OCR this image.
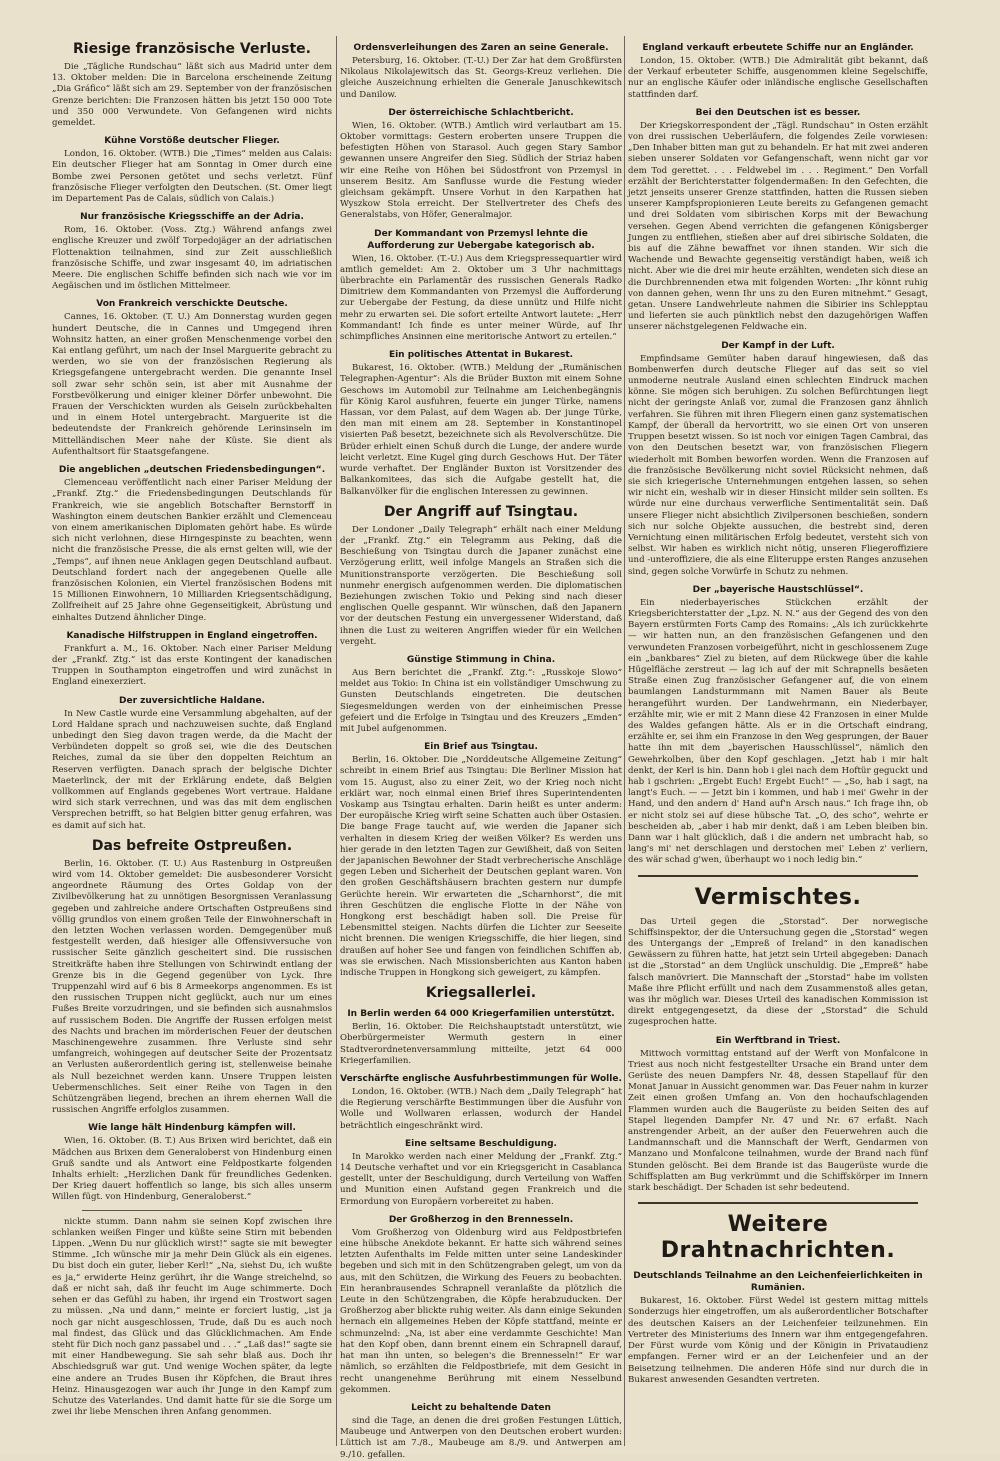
Riesige französische Verluste.

Die „Tägliche Rundschau“ läßt sich aus Madrid unter dem 13. Oktober melden: Die in Barcelona erscheinende Zeitung „Dia Gráfico“ läßt sich am 29. September von der französischen Grenze berichten: Die Franzosen hätten bis jetzt 150 000 Tote und 350 000 Verwundete. Von Gefangenen wird nichts gemeldet.

Kühne Vorstöße deutscher Flieger.

London, 16. Oktober. (WTB.) Die „Times“ melden aus Calais: Ein deutscher Flieger hat am Sonntag in Omer durch eine Bombe zwei Personen getötet und sechs verletzt. Fünf französische Flieger verfolgten den Deutschen. (St. Omer liegt im Departement Pas de Calais, südlich von Calais.)

Nur französische Kriegsschiffe an der Adria.

Rom, 16. Oktober. (Voss. Ztg.) Während anfangs zwei englische Kreuzer und zwölf Torpedojäger an der adriatischen Flottenaktion teilnahmen, sind zur Zeit ausschließlich französische Schiffe, und zwar insgesamt 40, im adriatischen Meere. Die englischen Schiffe befinden sich nach wie vor im Aegäischen und im östlichen Mittelmeer.

Von Frankreich verschickte Deutsche.

Cannes, 16. Oktober. (T. U.) Am Donnerstag wurden gegen hundert Deutsche, die in Cannes und Umgegend ihren Wohnsitz hatten, an einer großen Menschenmenge vorbei den Kai entlang geführt, um nach der Insel Marguerite gebracht zu werden, wo sie von der französischen Regierung als Kriegsgefangene untergebracht werden. Die genannte Insel soll zwar sehr schön sein, ist aber mit Ausnahme der Forstbevölkerung und einiger kleiner Dörfer unbewohnt. Die Frauen der Verschickten wurden als Geiseln zurückbehalten und in einem Hotel untergebracht. Marguerite ist die bedeutendste der Frankreich gehörende Lerinsinseln im Mittelländischen Meer nahe der Küste. Sie dient als Aufenthaltsort für Staatsgefangene.

Die angeblichen „deutschen Friedensbedingungen“.

Clemenceau veröffentlicht nach einer Pariser Meldung der „Frankf. Ztg.“ die Friedensbedingungen Deutschlands für Frankreich, wie sie angeblich Botschafter Bernstorff in Washington einem deutschen Bankier erzählt und Clemenceau von einem amerikanischen Diplomaten gehört habe. Es würde sich nicht verlohnen, diese Hirngespinste zu beachten, wenn nicht die französische Presse, die als ernst gelten will, wie der „Temps“, auf ihnen neue Anklagen gegen Deutschland aufbaut. Deutschland fordert nach der angegebenen Quelle alle französischen Kolonien, ein Viertel französischen Bodens mit 15 Millionen Einwohnern, 10 Milliarden Kriegsentschädigung, Zollfreiheit auf 25 Jahre ohne Gegenseitigkeit, Abrüstung und einhaltes Dutzend ähnlicher Dinge.

Kanadische Hilfstruppen in England eingetroffen.

Frankfurt a. M., 16. Oktober. Nach einer Pariser Meldung der „Frankf. Ztg.“ ist das erste Kontingent der kanadischen Truppen in Southampton eingetroffen und wird zunächst in England einexerziert.

Der zuversichtliche Haldane.

In New Castle wurde eine Versammlung abgehalten, auf der Lord Haldane sprach und nachzuweisen suchte, daß England unbedingt den Sieg davon tragen werde, da die Macht der Verbündeten doppelt so groß sei, wie die des Deutschen Reiches, zumal da sie über den doppelten Reichtum an Reserven verfügten. Danach sprach der belgische Dichter Maeterlinck, der mit der Erklärung endete, daß Belgien vollkommen auf Englands gegebenes Wort vertraue. Haldane wird sich stark verrechnen, und was das mit dem englischen Versprechen betrifft, so hat Belgien bitter genug erfahren, was es damit auf sich hat.

Das befreite Ostpreußen.

Berlin, 16. Oktober. (T. U.) Aus Rastenburg in Ostpreußen wird vom 14. Oktober gemeldet: Die ausbesonderer Vorsicht angeordnete Räumung des Ortes Goldap von der Zivilbevölkerung hat zu unnötigen Besorgnissen Veranlassung gegeben und zahlreiche andere Ortschaften Ostpreußens sind völlig grundlos von einem großen Teile der Einwohnerschaft in den letzten Wochen verlassen worden. Demgegenüber muß festgestellt werden, daß hiesiger alle Offensivversuche von russischer Seite gänzlich gescheitert sind. Die russischen Streitkräfte haben ihre Stellungen von Schirwindt entlang der Grenze bis in die Gegend gegenüber von Lyck. Ihre Truppenzahl wird auf 6 bis 8 Armeekorps angenommen. Es ist den russischen Truppen nicht geglückt, auch nur um eines Fußes Breite vorzudringen, und sie befinden sich ausnahmslos auf russischem Boden. Die Angriffe der Russen erfolgen meist des Nachts und brachen im mörderischen Feuer der deutschen Maschinengewehre zusammen. Ihre Verluste sind sehr umfangreich, wohingegen auf deutscher Seite der Prozentsatz an Verlusten außerordentlich gering ist, stellenweise beinahe als Null bezeichnet werden kann. Unsere Truppen leisten Uebermenschliches. Seit einer Reihe von Tagen in den Schützengräben liegend, brechen an ihrem ehernen Wall die russischen Angriffe erfolglos zusammen.

Wie lange hält Hindenburg kämpfen will.

Wien, 16. Oktober. (B. T.) Aus Brixen wird berichtet, daß ein Mädchen aus Brixen dem Generaloberst von Hindenburg einen Gruß sandte und als Antwort eine Feldpostkarte folgenden Inhalts erhielt: „Herzlichen Dank für freundliches Gedenken. Der Krieg dauert hoffentlich so lange, bis sich alles unserm Willen fügt. von Hindenburg, Generaloberst.“

nickte stumm. Dann nahm sie seinen Kopf zwischen ihre schlanken weißen Finger und küßte seine Stirn mit bebenden Lippen. „Wenn Du nur glücklich wirst!“ sagte sie mit bewegter Stimme. „Ich wünsche mir ja mehr Dein Glück als ein eigenes. Du bist doch ein guter, lieber Kerl!“ „Na, siehst Du, ich wußte es ja,“ erwiderte Heinz gerührt, ihr die Wange streichelnd, so daß er nicht sah, daß ihr feucht im Auge schimmerte. Doch sehen er das Gefühl zu haben, ihr irgend ein Trostwort sagen zu müssen. „Na und dann,“ meinte er forciert lustig, „ist ja noch gar nicht ausgeschlossen, Trude, daß Du es auch noch mal findest, das Glück und das Glücklichmachen. Am Ende steht für Dich noch ganz passabel und . . .“ „Laß das!“ sagte sie mit einer Handbewegung. Sie sah sehr blaß aus. Doch ihr Abschiedsgruß war gut. Und wenige Wochen später, da legte eine andere an Trudes Busen ihr Köpfchen, die Braut ihres Heinz. Hinausgezogen war auch ihr Junge in den Kampf zum Schutze des Vaterlandes. Und damit hatte für sie die Sorge um zwei ihr liebe Menschen ihren Anfang genommen.

Ordensverleihungen des Zaren an seine Generale.

Petersburg, 16. Oktober. (T.-U.) Der Zar hat dem Großfürsten Nikolaus Nikolajewitsch das St. Georgs-Kreuz verliehen. Die gleiche Auszeichnung erhielten die Generale Januschkewitsch und Danilow.

Der österreichische Schlachtbericht.

Wien, 16. Oktober. (WTB.) Amtlich wird verlautbart am 15. Oktober vormittags: Gestern eroberten unsere Truppen die befestigten Höhen von Starasol. Auch gegen Stary Sambor gewannen unsere Angreifer den Sieg. Südlich der Striaz haben wir eine Reihe von Höhen bei Südostfront von Przemysl in unserem Besitz. Am Sanflusse wurde die Festung wieder gleichsam gekämpft. Unsere Vorhut in den Karpathen hat Wyszkow Stola erreicht. Der Stellvertreter des Chefs des Generalstabs, von Höfer, Generalmajor.

Der Kommandant von Przemysl lehnte die Aufforderung zur Uebergabe kategorisch ab.

Wien, 16. Oktober. (T.-U.) Aus dem Kriegspressequartier wird amtlich gemeldet: Am 2. Oktober um 3 Uhr nachmittags überbrachte ein Parlamentär des russischen Generals Radko Dimitriew dem Kommandanten von Przemysl die Aufforderung zur Uebergabe der Festung, da diese unnütz und Hilfe nicht mehr zu erwarten sei. Die sofort erteilte Antwort lautete: „Herr Kommandant! Ich finde es unter meiner Würde, auf Ihr schimpfliches Ansinnen eine meritorische Antwort zu erteilen.“

Ein politisches Attentat in Bukarest.

Bukarest, 16. Oktober. (WTB.) Meldung der „Rumänischen Telegraphen-Agentur“: Als die Brüder Buxton mit einem Sohne Geschows im Automobil zur Teilnahme am Leichenbegängnis für König Karol ausfuhren, feuerte ein junger Türke, namens Hassan, vor dem Palast, auf dem Wagen ab. Der junge Türke, den man mit einem am 28. September in Konstantinopel visierten Paß besetzt, bezeichnete sich als Revolverschütze. Die Brüder erhielt einen Schuß durch die Lunge, der andere wurde leicht verletzt. Eine Kugel ging durch Geschows Hut. Der Täter wurde verhaftet. Der Engländer Buxton ist Vorsitzender des Balkankomitees, das sich die Aufgabe gestellt hat, die Balkanvölker für die englischen Interessen zu gewinnen.

Der Angriff auf Tsingtau.

Der Londoner „Daily Telegraph“ erhält nach einer Meldung der „Frankf. Ztg.“ ein Telegramm aus Peking, daß die Beschießung von Tsingtau durch die Japaner zunächst eine Verzögerung erlitt, weil infolge Mangels an Straßen sich die Munitionstransporte verzögerten. Die Beschießung soll nunmehr energisch aufgenommen werden. Die diplomatischen Beziehungen zwischen Tokio und Peking sind nach dieser englischen Quelle gespannt. Wir wünschen, daß den Japanern vor der deutschen Festung ein unvergessener Widerstand, daß ihnen die Lust zu weiteren Angriffen wieder für ein Weilchen vergeht.

Günstige Stimmung in China.

Aus Bern berichtet die „Frankf. Ztg.“: „Russkoje Slowo“ meldet aus Tokio: In China ist ein vollständiger Umschwung zu Gunsten Deutschlands eingetreten. Die deutschen Siegesmeldungen werden von der einheimischen Presse gefeiert und die Erfolge in Tsingtau und des Kreuzers „Emden“ mit Jubel aufgenommen.

Ein Brief aus Tsingtau.

Berlin, 16. Oktober. Die „Norddeutsche Allgemeine Zeitung“ schreibt in einem Brief aus Tsingtau: Die Berliner Mission hat vom 15. August, also zu einer Zeit, wo der Krieg noch nicht erklärt war, noch einmal einen Brief ihres Superintendenten Voskamp aus Tsingtau erhalten. Darin heißt es unter anderm: Der europäische Krieg wirft seine Schatten auch über Ostasien. Die bange Frage taucht auf, wie werden die Japaner sich verhalten in diesem Krieg der weißen Völker? Es werden uns hier gerade in den letzten Tagen zur Gewißheit, daß von Seiten der japanischen Bewohner der Stadt verbrecherische Anschläge gegen Leben und Sicherheit der Deutschen geplant waren. Von den großen Geschäftshäusern brachten gestern nur dumpfe Gerüchte herein. Wir erwarteten die „Scharnhorst“, die mit ihren Geschützen die englische Flotte in der Nähe von Hongkong erst beschädigt haben soll. Die Preise für Lebensmittel steigen. Nachts dürfen die Lichter zur Seeseite nicht brennen. Die wenigen Kriegsschiffe, die hier liegen, sind draußen auf hoher See und fangen von feindlichen Schiffen ab, was sie erwischen. Nach Missionsberichten aus Kanton haben indische Truppen in Hongkong sich geweigert, zu kämpfen.

Kriegsallerlei.
In Berlin werden 64 000 Kriegerfamilien unterstützt.

Berlin, 16. Oktober. Die Reichshauptstadt unterstützt, wie Oberbürgermeister Wermuth gestern in einer Stadtverordnetenversammlung mitteilte, jetzt 64 000 Kriegerfamilien.

Verschärfte englische Ausfuhrbestimmungen für Wolle.

London, 16. Oktober. (WTB.) Nach dem „Daily Telegraph“ hat die Regierung verschärfte Bestimmungen über die Ausfuhr von Wolle und Wollwaren erlassen, wodurch der Handel beträchtlich eingeschränkt wird.

Eine seltsame Beschuldigung.

In Marokko werden nach einer Meldung der „Frankf. Ztg.“ 14 Deutsche verhaftet und vor ein Kriegsgericht in Casablanca gestellt, unter der Beschuldigung, durch Verteilung von Waffen und Munition einen Aufstand gegen Frankreich und die Ermordung von Europäern vorbereitet zu haben.

Der Großherzog in den Brennesseln.

Vom Großherzog von Oldenburg wird aus Feldpostbriefen eine hübsche Anekdote bekannt. Er hatte sich während seines letzten Aufenthalts im Felde mitten unter seine Landeskinder begeben und sich mit in den Schützengraben gelegt, um von da aus, mit den Schützen, die Wirkung des Feuers zu beobachten. Ein heranbrausendes Schrapnell veranlaßte da plötzlich die Leute in den Schützengraben, die Köpfe herabzuducken. Der Großherzog aber blickte ruhig weiter. Als dann einige Sekunden hernach ein allgemeines Heben der Köpfe stattfand, meinte er schmunzelnd: „Na, ist aber eine verdammte Geschichte! Man hat den Kopf oben, dann brennt einem ein Schrapnell darauf, hat man ihn unten, so belegen's die Brennesseln!“ Er war nämlich, so erzählten die Feldpostbriefe, mit dem Gesicht in recht unangenehme Berührung mit einem Nesselbund gekommen.

Leicht zu behaltende Daten

sind die Tage, an denen die drei großen Festungen Lüttich, Maubeuge und Antwerpen von den Deutschen erobert wurden: Lüttich ist am 7./8., Maubeuge am 8./9. und Antwerpen am 9./10. gefallen.

England verkauft erbeutete Schiffe nur an Engländer.

London, 15. Oktober. (WTB.) Die Admiralität gibt bekannt, daß der Verkauf erbeuteter Schiffe, ausgenommen kleine Segelschiffe, nur an englische Käufer oder inländische englische Gesellschaften stattfinden darf.

Bei den Deutschen ist es besser.

Der Kriegskorrespondent der „Tägl. Rundschau“ in Osten erzählt von drei russischen Ueberläufern, die folgendes Zeile vorwiesen: „Den Inhaber bitten man gut zu behandeln. Er hat mit zwei anderen sieben unserer Soldaten vor Gefangenschaft, wenn nicht gar vor dem Tod gerettet. . . . Feldwebel im . . . Regiment.“ Den Vorfall erzählt der Berichterstatter folgendermaßen: In den Gefechten, die jetzt jenseits unserer Grenze stattfinden, hatten die Russen sieben unserer Kampfspropionieren Leute bereits zu Gefangenen gemacht und drei Soldaten vom sibirischen Korps mit der Bewachung versehen. Gegen Abend verrichten die gefangenen Königsberger Jungen zu entfliehen, stießen aber auf drei sibirische Soldaten, die bis auf die Zähne bewaffnet vor ihnen standen. Wir sich die Wachende und Bewachte gegenseitig verständigt haben, weiß ich nicht. Aber wie die drei mir heute erzählten, wendeten sich diese an die Durchbrennenden etwa mit folgenden Worten: „Ihr könnt ruhig von dannen gehen, wenn Ihr uns zu den Euren mitnehmt.“ Gesagt, getan. Unsere Landwehrleute nahmen die Sibirier ins Schlepptau und lieferten sie auch pünktlich nebst den dazugehörigen Waffen unserer nächstgelegenen Feldwache ein.

Der Kampf in der Luft.

Empfindsame Gemüter haben darauf hingewiesen, daß das Bombenwerfen durch deutsche Flieger auf das seit so viel unmoderne neutrale Ausland einen schlechten Eindruck machen könne. Sie mögen sich beruhigen. Zu solchen Befürchtungen liegt nicht der geringste Anlaß vor, zumal die Franzosen ganz ähnlich verfahren. Sie führen mit ihren Fliegern einen ganz systematischen Kampf, der überall da hervortritt, wo sie einen Ort von unseren Truppen besetzt wissen. So ist noch vor einigen Tagen Cambrai, das von den Deutschen besetzt war, von französischen Fliegern wiederholt mit Bomben beworfen worden. Wenn die Franzosen auf die französische Bevölkerung nicht soviel Rücksicht nehmen, daß sie sich kriegerische Unternehmungen entgehen lassen, so sehen wir nicht ein, weshalb wir in dieser Hinsicht milder sein sollten. Es würde nur eine durchaus verwerfliche Sentimentalität sein. Daß unsere Flieger nicht absichtlich Zivilpersonen beschießen, sondern sich nur solche Objekte aussuchen, die bestrebt sind, deren Vernichtung einen militärischen Erfolg bedeutet, versteht sich von selbst. Wir haben es wirklich nicht nötig, unseren Fliegeroffiziere und -unteroffiziere, die als eine Eliteruppe ersten Ranges anzusehen sind, gegen solche Vorwürfe in Schutz zu nehmen.

Der „bayerische Haustschlüssel“.

Ein niederbayerisches Stückchen erzählt der Kriegsberichterstatter der „Lpz. N. N.“ aus der Gegend des von den Bayern erstürmten Forts Camp des Romains: „Als ich zurückkehrte — wir hatten nun, an den französischen Gefangenen und den verwundeten Franzosen vorbeigeführt, nicht in geschlossenem Zuge ein „bankbares“ Ziel zu bieten, auf dem Rückwege über die kahle Hügelfläche zerstreut — lag ich auf der mit Schrapnells besäeten Straße einen Zug französischer Gefangener auf, die von einem baumlangen Landsturmmann mit Namen Bauer als Beute herangeführt wurden. Der Landwehrmann, ein Niederbayer, erzählte mir, wie er mit 2 Mann diese 42 Franzosen in einer Mulde des Waldes gefangen hätte. Als er in die Ortschaft eindrang, erzählte er, sei ihm ein Franzose in den Weg gesprungen, der Bauer hatte ihn mit dem „bayerischen Hausschlüssel“, nämlich den Gewehrkolben, über den Kopf geschlagen. „Jetzt hab i mir halt denkt, der Kerl is hin. Dann hob i glei nach dem Hoftür geguckt und hab i gschrien: „Ergebt Euch! Ergebt Euch!“ — „So, hab i sagt, na langt's Euch. — — Jetzt bin i kommen, und hab i mei' Gwehr in der Hand, und den andern d' Hand auf'n Arsch naus.“ Ich frage ihn, ob er nicht stolz sei auf diese hübsche Tat. „O, des scho“, wehrte er bescheiden ab, „aber i hab mir denkt, daß i am Leben bleiben bin. Dann war i halt glücklich, daß i die andern net umbracht hab, so lang's mi' net derschlagen und derstochen mei' Leben z' verliern, des wär schad g'wen, überhaupt wo i noch ledig bin.“

Vermischtes.

Das Urteil gegen die „Storstad“. Der norwegische Schiffsinspektor, der die Untersuchung gegen die „Storstad“ wegen des Untergangs der „Empreß of Ireland“ in den kanadischen Gewässern zu führen hatte, hat jetzt sein Urteil abgegeben: Danach ist die „Storstad“ an dem Unglück unschuldig. Die „Empreß“ habe falsch manövriert. Die Mannschaft der „Storstad“ habe im vollsten Maße ihre Pflicht erfüllt und nach dem Zusammenstoß alles getan, was ihr möglich war. Dieses Urteil des kanadischen Kommission ist direkt entgegengesetzt, da diese der „Storstad“ die Schuld zugesprochen hatte.

Ein Werftbrand in Triest.

Mittwoch vormittag entstand auf der Werft von Monfalcone in Triest aus noch nicht festgestellter Ursache ein Brand unter dem Gerüste des neuen Dampfers Nr. 48, dessen Stapellauf für den Monat Januar in Aussicht genommen war. Das Feuer nahm in kurzer Zeit einen großen Umfang an. Von den hochaufschlagenden Flammen wurden auch die Baugerüste zu beiden Seiten des auf Stapel liegenden Dampfer Nr. 47 und Nr. 67 erfaßt. Nach anstrengender Arbeit, an der außer den Feuerwehren auch die Landmannschaft und die Mannschaft der Werft, Gendarmen von Manzano und Monfalcone teilnahmen, wurde der Brand nach fünf Stunden gelöscht. Bei dem Brande ist das Baugerüste wurde die Schiffsplatten am Bug verkrümmt und die Schiffskörper im Innern stark beschädigt. Der Schaden ist sehr bedeutend.

Weitere Drahtnachrichten.
Deutschlands Teilnahme an den Leichenfeierlichkeiten in Rumänien.

Bukarest, 16. Oktober. Fürst Wedel ist gestern mittag mittels Sonderzugs hier eingetroffen, um als außerordentlicher Botschafter des deutschen Kaisers an der Leichenfeier teilzunehmen. Ein Vertreter des Ministeriums des Innern war ihm entgegengefahren. Der Fürst wurde vom König und der Königin in Privataudienz empfangen. Ferner wird er an der Leichenfeier und an der Beisetzung teilnehmen. Die anderen Höfe sind nur durch die in Bukarest anwesenden Gesandten vertreten.
